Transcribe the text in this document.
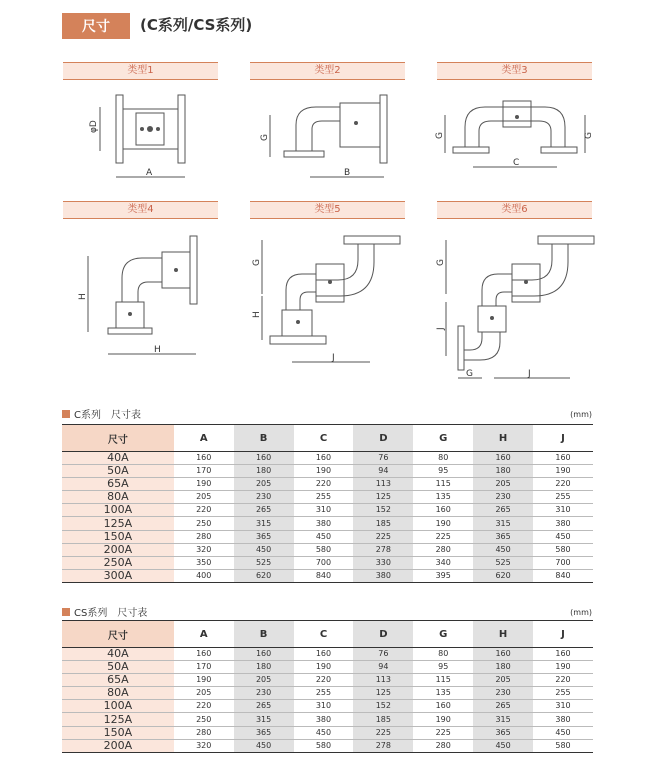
尺寸 (C系列/CS系列)
类型1	类型2	类型3
类型4	类型5	类型6
φD
A
G
B
G	G
C
H
H
G
H
J
G
J
G	J
C系列　尺寸表	(mm)
尺寸	A	B	C	D	G	H	J
40A	160	160	160	76	80	160	160
50A	170	180	190	94	95	180	190
65A	190	205	220	113	115	205	220
80A	205	230	255	125	135	230	255
100A	220	265	310	152	160	265	310
125A	250	315	380	185	190	315	380
150A	280	365	450	225	225	365	450
200A	320	450	580	278	280	450	580
250A	350	525	700	330	340	525	700
300A	400	620	840	380	395	620	840
CS系列　尺寸表	(mm)
尺寸	A	B	C	D	G	H	J
40A	160	160	160	76	80	160	160
50A	170	180	190	94	95	180	190
65A	190	205	220	113	115	205	220
80A	205	230	255	125	135	230	255
100A	220	265	310	152	160	265	310
125A	250	315	380	185	190	315	380
150A	280	365	450	225	225	365	450
200A	320	450	580	278	280	450	580
